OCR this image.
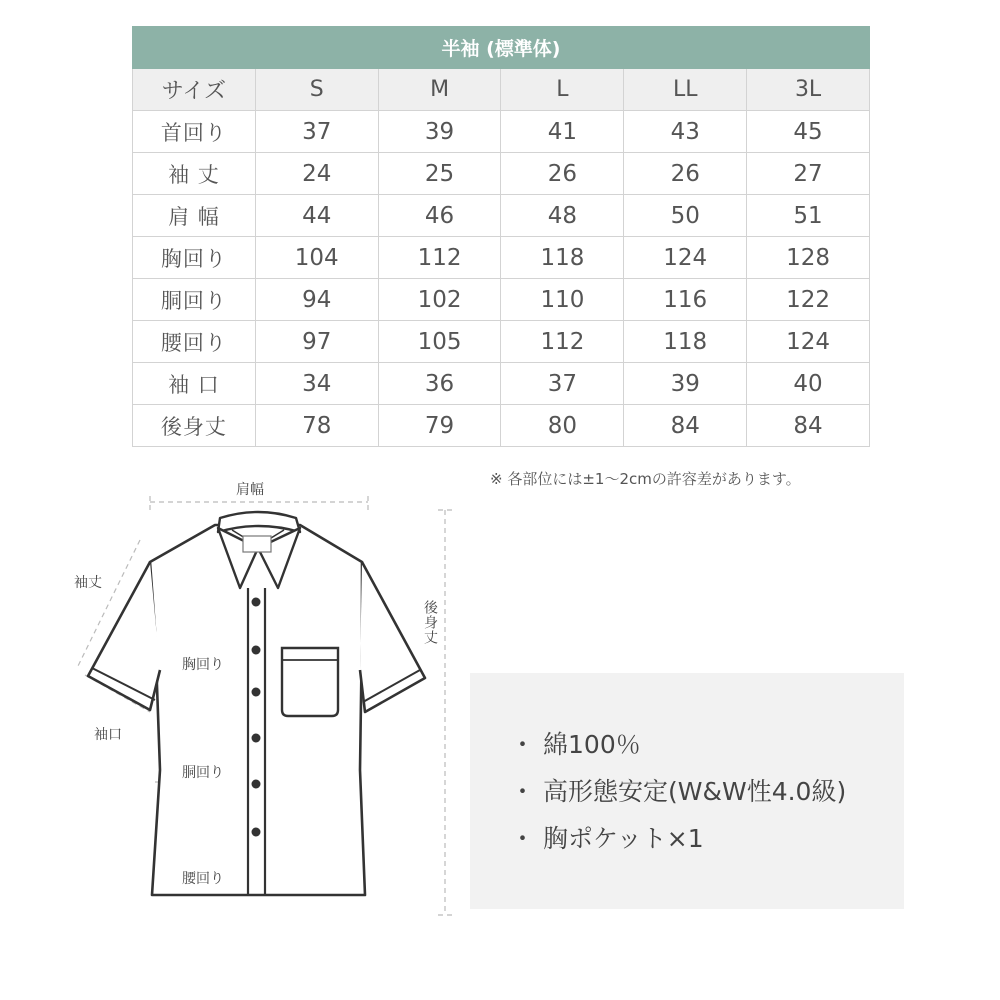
半袖 (標準体)					
サイズ	S	M	L	LL	3L
首回り	37	39	41	43	45
袖 丈	24	25	26	26	27
肩 幅	44	46	48	50	51
胸回り	104	112	118	124	128
胴回り	94	102	110	116	122
腰回り	97	105	112	118	124
袖 口	34	36	37	39	40
後身丈	78	79	80	84	84
※ 各部位には±1～2cmの許容差があります。
肩幅
袖丈
後身丈
胸回り
袖口
胴回り
腰回り
・ 綿100％
・ 高形態安定(W&W性4.0級)
・ 胸ポケット×1
